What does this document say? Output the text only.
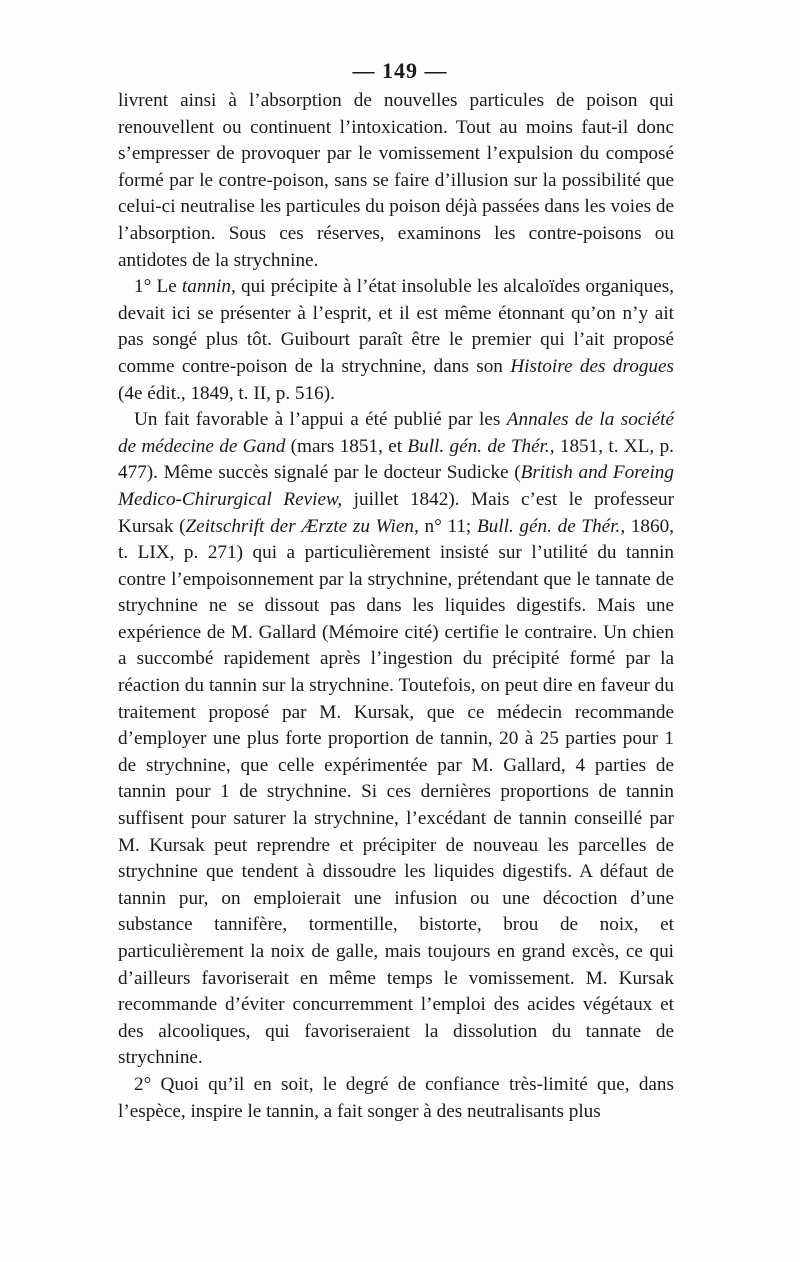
— 149 —

livrent ainsi à l’absorption de nouvelles particules de poison qui renouvellent ou continuent l’intoxication. Tout au moins faut-il donc s’empresser de provoquer par le vomissement l’expulsion du composé formé par le contre-poison, sans se faire d’illusion sur la possibilité que celui-ci neutralise les particules du poison déjà passées dans les voies de l’absorption. Sous ces réserves, examinons les contre-poisons ou antidotes de la strychnine.

1° Le tannin, qui précipite à l’état insoluble les alcaloïdes organiques, devait ici se présenter à l’esprit, et il est même étonnant qu’on n’y ait pas songé plus tôt. Guibourt paraît être le premier qui l’ait proposé comme contre-poison de la strychnine, dans son Histoire des drogues (4e édit., 1849, t. II, p. 516).

Un fait favorable à l’appui a été publié par les Annales de la société de médecine de Gand (mars 1851, et Bull. gén. de Thér., 1851, t. XL, p. 477). Même succès signalé par le docteur Sudicke (British and Foreing Medico-Chirurgical Review, juillet 1842). Mais c’est le professeur Kursak (Zeitschrift der Ærzte zu Wien, n° 11; Bull. gén. de Thér., 1860, t. LIX, p. 271) qui a particulièrement insisté sur l’utilité du tannin contre l’empoisonnement par la strychnine, prétendant que le tannate de strychnine ne se dissout pas dans les liquides digestifs. Mais une expérience de M. Gallard (Mémoire cité) certifie le contraire. Un chien a succombé rapidement après l’ingestion du précipité formé par la réaction du tannin sur la strychnine. Toutefois, on peut dire en faveur du traitement proposé par M. Kursak, que ce médecin recommande d’employer une plus forte proportion de tannin, 20 à 25 parties pour 1 de strychnine, que celle expérimentée par M. Gallard, 4 parties de tannin pour 1 de strychnine. Si ces dernières proportions de tannin suffisent pour saturer la strychnine, l’excédant de tannin conseillé par M. Kursak peut reprendre et précipiter de nouveau les parcelles de strychnine que tendent à dissoudre les liquides digestifs. A défaut de tannin pur, on emploierait une infusion ou une décoction d’une substance tannifère, tormentille, bistorte, brou de noix, et particulièrement la noix de galle, mais toujours en grand excès, ce qui d’ailleurs favoriserait en même temps le vomissement. M. Kursak recommande d’éviter concurremment l’emploi des acides végétaux et des alcooliques, qui favoriseraient la dissolution du tannate de strychnine.

2° Quoi qu’il en soit, le degré de confiance très-limité que, dans l’espèce, inspire le tannin, a fait songer à des neutralisants plus
